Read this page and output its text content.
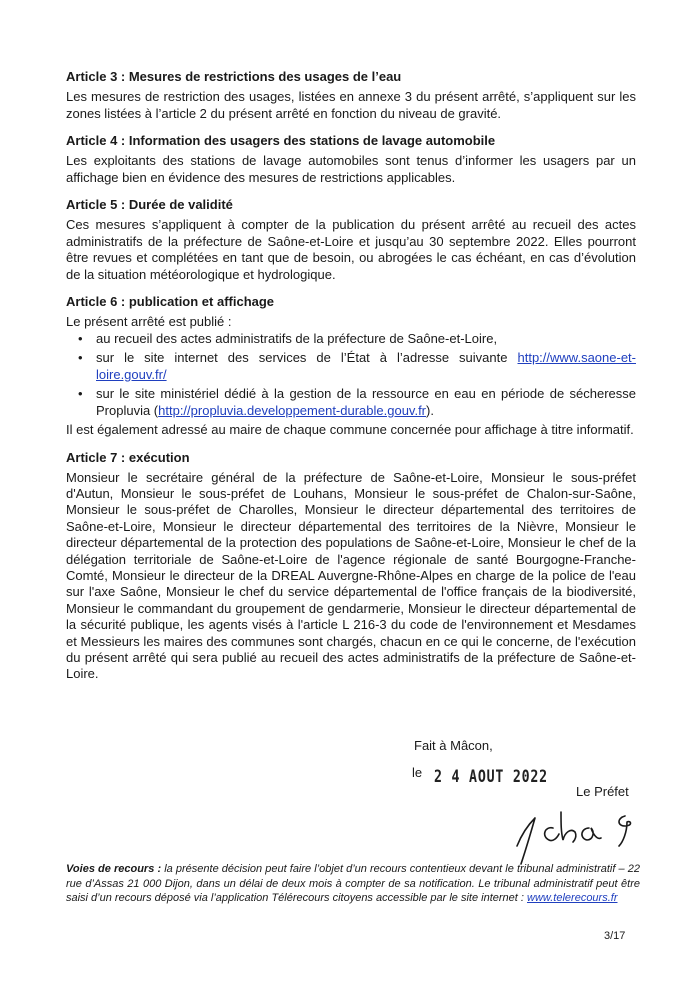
Article 3 : Mesures de restrictions des usages de l’eau
Les mesures de restriction des usages, listées en annexe 3 du présent arrêté, s’appliquent sur les zones listées à l’article 2 du présent arrêté en fonction du niveau de gravité.
Article 4 : Information des usagers des stations de lavage automobile
Les exploitants des stations de lavage automobiles sont tenus d’informer les usagers par un affichage bien en évidence des mesures de restrictions applicables.
Article 5 : Durée de validité
Ces mesures s’appliquent à compter de la publication du présent arrêté au recueil des actes administratifs de la préfecture de Saône-et-Loire et jusqu’au 30 septembre 2022. Elles pourront être revues et complétées en tant que de besoin, ou abrogées le cas échéant, en cas d’évolution de la situation météorologique et hydrologique.
Article 6 : publication et affichage
Le présent arrêté est publié :
• au recueil des actes administratifs de la préfecture de Saône-et-Loire,
• sur le site internet des services de l’État à l’adresse suivante http://www.saone-et-loire.gouv.fr/
• sur le site ministériel dédié à la gestion de la ressource en eau en période de sécheresse Propluvia (http://propluvia.developpement-durable.gouv.fr).
Il est également adressé au maire de chaque commune concernée pour affichage à titre informatif.
Article 7 : exécution
Monsieur le secrétaire général de la préfecture de Saône-et-Loire, Monsieur le sous-préfet d'Autun, Monsieur le sous-préfet de Louhans, Monsieur le sous-préfet de Chalon-sur-Saône, Monsieur le sous-préfet de Charolles, Monsieur le directeur départemental des territoires de Saône-et-Loire, Monsieur le directeur départemental des territoires de la Nièvre, Monsieur le directeur départemental de la protection des populations de Saône-et-Loire, Monsieur le chef de la délégation territoriale de Saône-et-Loire de l'agence régionale de santé Bourgogne-Franche-Comté, Monsieur le directeur de la DREAL Auvergne-Rhône-Alpes en charge de la police de l'eau sur l'axe Saône, Monsieur le chef du service départemental de l'office français de la biodiversité, Monsieur le commandant du groupement de gendarmerie, Monsieur le directeur départemental de la sécurité publique, les agents visés à l'article L 216-3 du code de l'environnement et Mesdames et Messieurs les maires des communes sont chargés, chacun en ce qui le concerne, de l'exécution du présent arrêté qui sera publié au recueil des actes administratifs de la préfecture de Saône-et-Loire.
Fait à Mâcon,
le 2 4 AOUT 2022
Le Préfet
Voies de recours : la présente décision peut faire l’objet d’un recours contentieux devant le tribunal administratif – 22 rue d’Assas 21 000 Dijon, dans un délai de deux mois à compter de sa notification. Le tribunal administratif peut être saisi d’un recours déposé via l’application Télérecours citoyens accessible par le site internet : www.telerecours.fr
3/17
